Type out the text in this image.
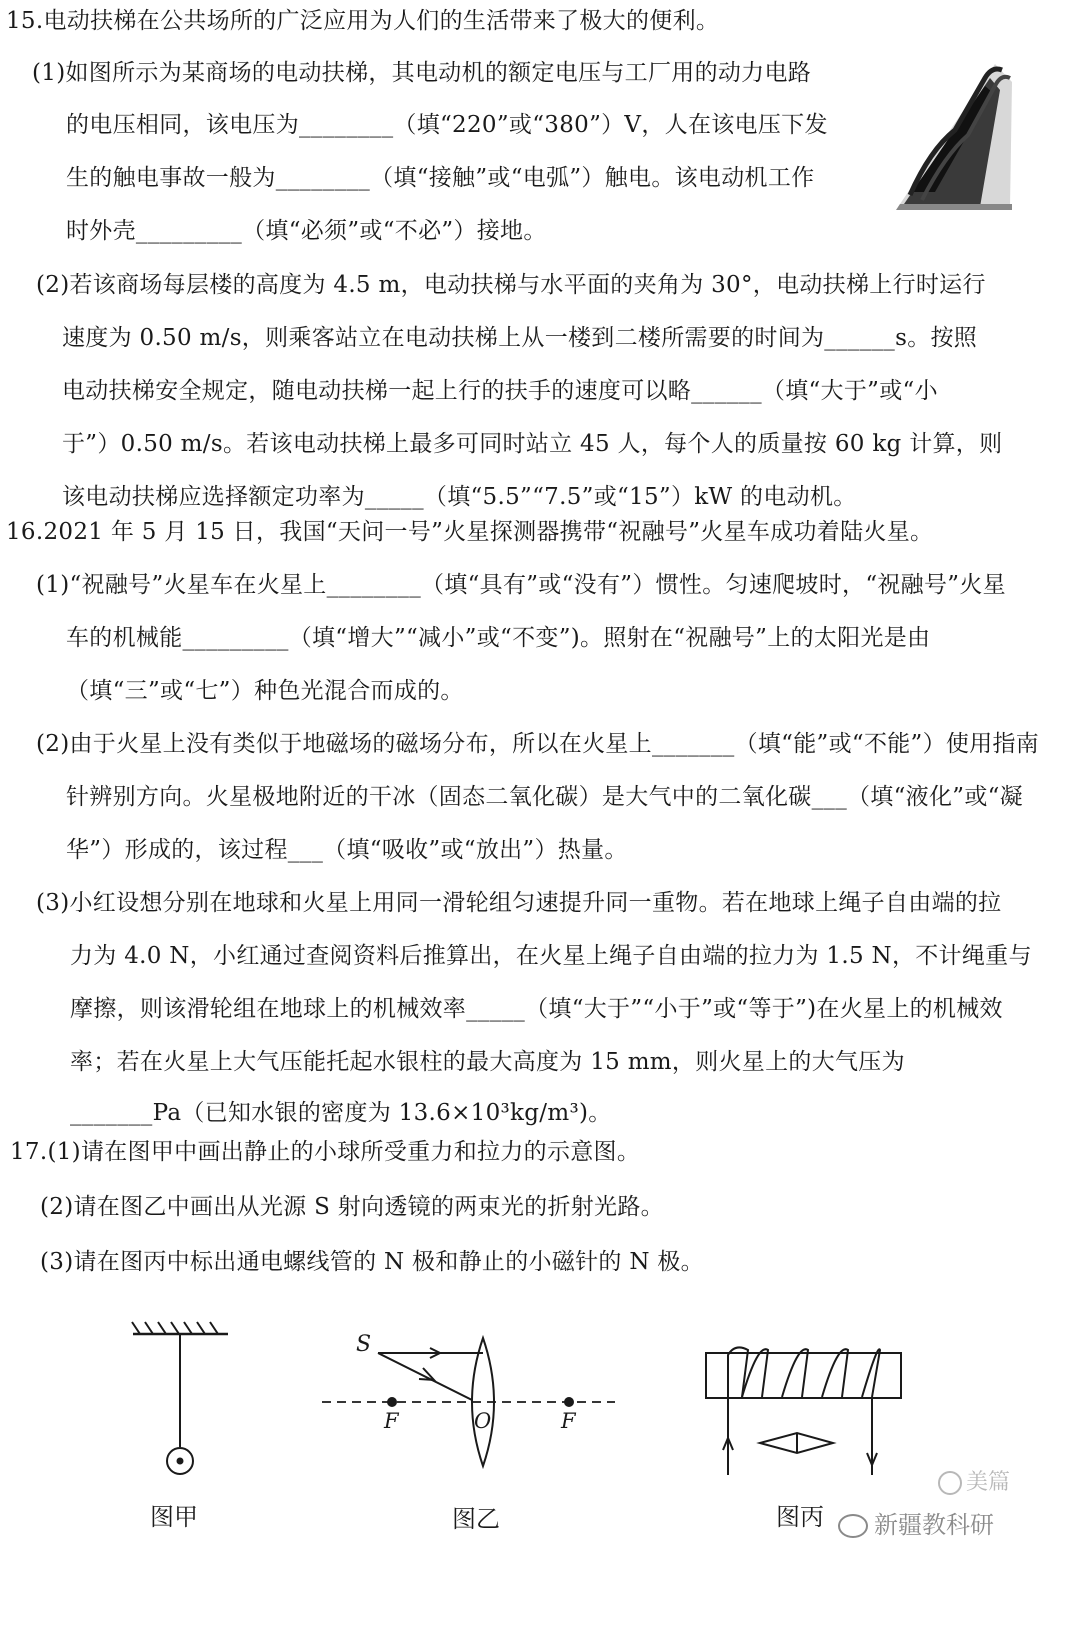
15.电动扶梯在公共场所的广泛应用为人们的生活带来了极大的便利。
(1)如图所示为某商场的电动扶梯，其电动机的额定电压与工厂用的动力电路
的电压相同，该电压为________（填“220”或“380”）V，人在该电压下发
生的触电事故一般为________（填“接触”或“电弧”）触电。该电动机工作
时外壳_________（填“必须”或“不必”）接地。
(2)若该商场每层楼的高度为 4.5 m，电动扶梯与水平面的夹角为 30°，电动扶梯上行时运行
速度为 0.50 m/s，则乘客站立在电动扶梯上从一楼到二楼所需要的时间为______s。按照
电动扶梯安全规定，随电动扶梯一起上行的扶手的速度可以略______（填“大于”或“小
于”）0.50 m/s。若该电动扶梯上最多可同时站立 45 人，每个人的质量按 60 kg 计算，则
该电动扶梯应选择额定功率为_____（填“5.5”“7.5”或“15”）kW 的电动机。
16.2021 年 5 月 15 日，我国“天问一号”火星探测器携带“祝融号”火星车成功着陆火星。
(1)“祝融号”火星车在火星上________（填“具有”或“没有”）惯性。匀速爬坡时，“祝融号”火星
车的机械能_________（填“增大”“减小”或“不变”)。照射在“祝融号”上的太阳光是由
（填“三”或“七”）种色光混合而成的。
(2)由于火星上没有类似于地磁场的磁场分布，所以在火星上_______（填“能”或“不能”）使用指南
针辨别方向。火星极地附近的干冰（固态二氧化碳）是大气中的二氧化碳___（填“液化”或“凝
华”）形成的，该过程___（填“吸收”或“放出”）热量。
(3)小红设想分别在地球和火星上用同一滑轮组匀速提升同一重物。若在地球上绳子自由端的拉
力为 4.0 N，小红通过查阅资料后推算出，在火星上绳子自由端的拉力为 1.5 N，不计绳重与
摩擦，则该滑轮组在地球上的机械效率_____（填“大于”“小于”或“等于”)在火星上的机械效
率；若在火星上大气压能托起水银柱的最大高度为 15 mm，则火星上的大气压为
_______Pa（已知水银的密度为 13.6×10³kg/m³)。
17.(1)请在图甲中画出静止的小球所受重力和拉力的示意图。
(2)请在图乙中画出从光源 S 射向透镜的两束光的折射光路。
(3)请在图丙中标出通电螺线管的 N 极和静止的小磁针的 N 极。
S
F	O	F
图甲	图乙	图丙
美篇
新疆教科研
